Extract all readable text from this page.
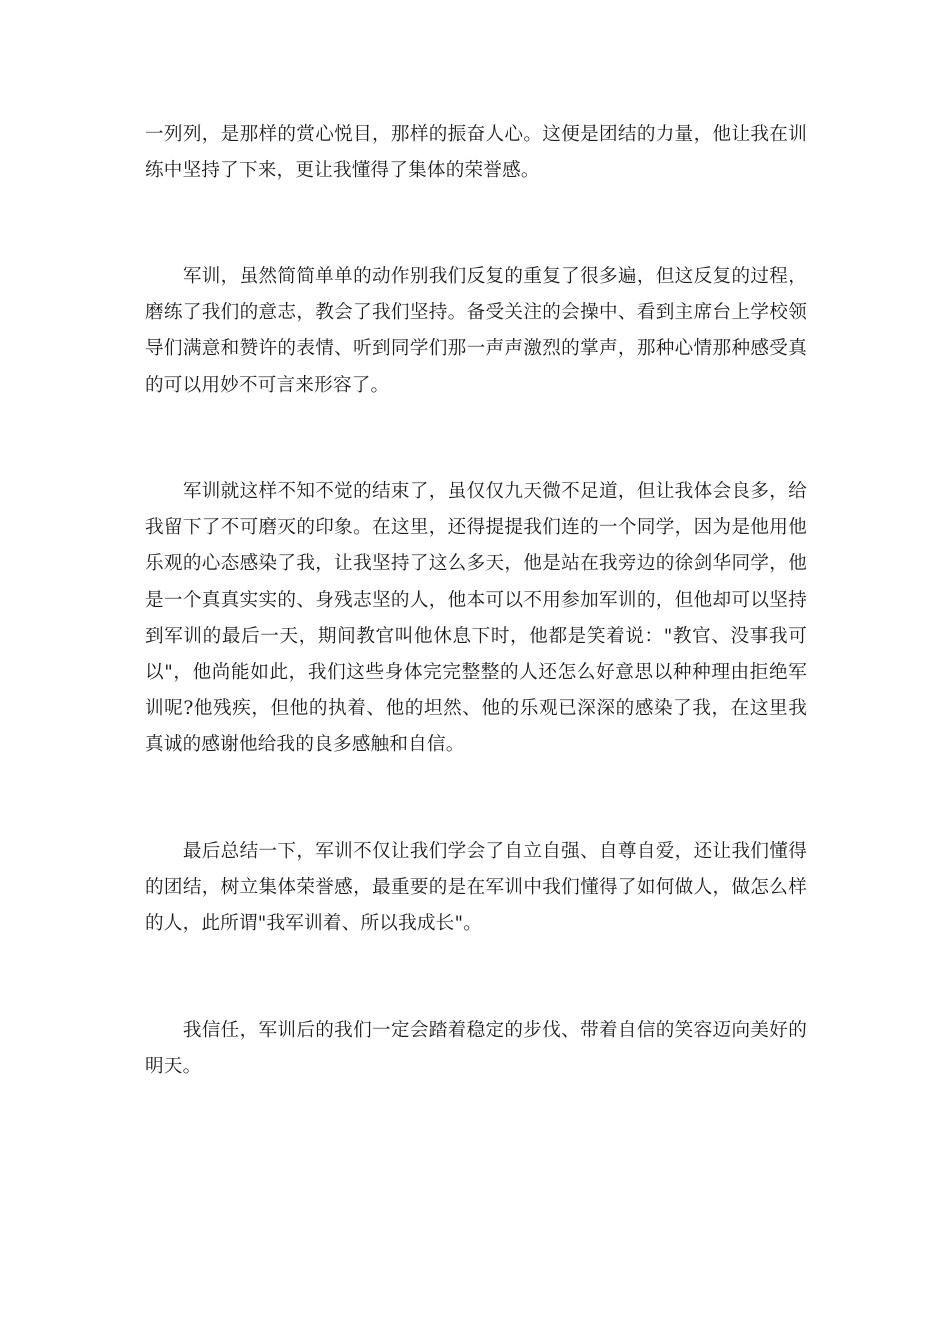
一列列，是那样的赏心悦目，那样的振奋人心。这便是团结的力量，他让我在训练中坚持了下来，更让我懂得了集体的荣誉感。

　　军训，虽然简简单单的动作别我们反复的重复了很多遍，但这反复的过程，磨练了我们的意志，教会了我们坚持。备受关注的会操中、看到主席台上学校领导们满意和赞许的表情、听到同学们那一声声激烈的掌声，那种心情那种感受真的可以用妙不可言来形容了。

　　军训就这样不知不觉的结束了，虽仅仅九天微不足道，但让我体会良多，给我留下了不可磨灭的印象。在这里，还得提提我们连的一个同学，因为是他用他乐观的心态感染了我，让我坚持了这么多天，他是站在我旁边的徐剑华同学，他是一个真真实实的、身残志坚的人，他本可以不用参加军训的，但他却可以坚持到军训的最后一天，期间教官叫他休息下时，他都是笑着说："教官、没事我可以"，他尚能如此，我们这些身体完完整整的人还怎么好意思以种种理由拒绝军训呢?他残疾，但他的执着、他的坦然、他的乐观已深深的感染了我，在这里我真诚的感谢他给我的良多感触和自信。

　　最后总结一下，军训不仅让我们学会了自立自强、自尊自爱，还让我们懂得的团结，树立集体荣誉感，最重要的是在军训中我们懂得了如何做人，做怎么样的人，此所谓"我军训着、所以我成长"。

　　我信任，军训后的我们一定会踏着稳定的步伐、带着自信的笑容迈向美好的明天。
